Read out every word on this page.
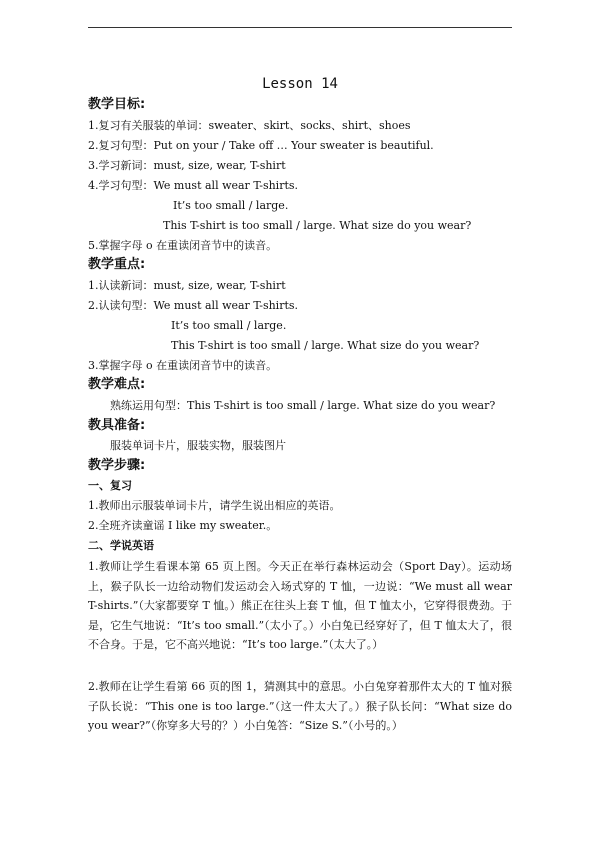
Lesson 14
教学目标:
1.复习有关服装的单词：sweater、skirt、socks、shirt、shoes
2.复习句型：Put on your / Take off … Your sweater is beautiful.
3.学习新词：must, size, wear, T-shirt
4.学习句型：We must all wear T-shirts.
It’s too small / large.
This T-shirt is too small / large. What size do you wear?
5.掌握字母 o 在重读闭音节中的读音。
教学重点:
1.认读新词：must, size, wear, T-shirt
2.认读句型：We must all wear T-shirts.
It’s too small / large.
This T-shirt is too small / large. What size do you wear?
3.掌握字母 o 在重读闭音节中的读音。
教学难点:
熟练运用句型：This T-shirt is too small / large. What size do you wear?
教具准备:
服装单词卡片，服装实物，服装图片
教学步骤:
一、复习
1.教师出示服装单词卡片，请学生说出相应的英语。
2.全班齐读童谣 I like my sweater.。
二、学说英语
1.教师让学生看课本第 65 页上图。今天正在举行森林运动会（Sport Day）。运动场上，猴子队长一边给动物们发运动会入场式穿的 T 恤，一边说：“We must all wear T-shirts.”（大家都要穿 T 恤。）熊正在往头上套 T 恤，但 T 恤太小，它穿得很费劲。于是，它生气地说：“It’s too small.”（太小了。）小白兔已经穿好了，但 T 恤太大了，很不合身。于是，它不高兴地说：“It’s too large.”（太大了。）
2.教师在让学生看第 66 页的图 1，猜测其中的意思。小白兔穿着那件太大的 T 恤对猴子队长说：“This one is too large.”（这一件太大了。）猴子队长问：“What size do you wear?”（你穿多大号的？）小白兔答：“Size S.”（小号的。）
